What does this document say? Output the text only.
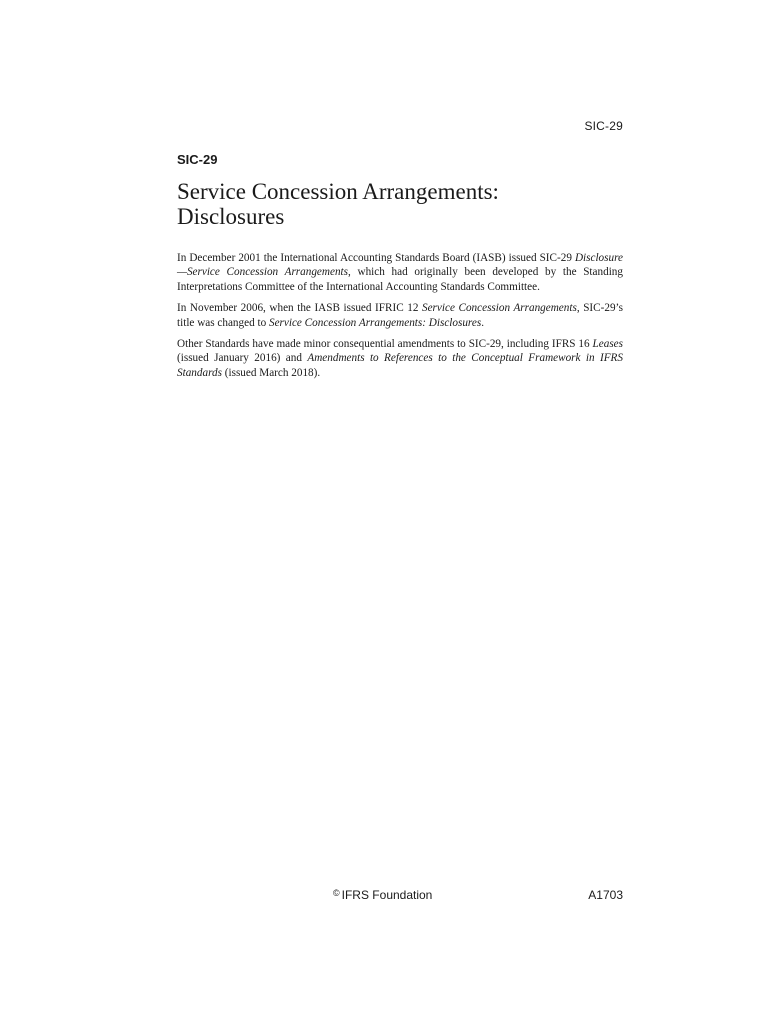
SIC-29
SIC-29
Service Concession Arrangements:
Disclosures

In December 2001 the International Accounting Standards Board (IASB) issued SIC-29 Disclosure—Service Concession Arrangements, which had originally been developed by the Standing Interpretations Committee of the International Accounting Standards Committee.

In November 2006, when the IASB issued IFRIC 12 Service Concession Arrangements, SIC-29’s title was changed to Service Concession Arrangements: Disclosures.

Other Standards have made minor consequential amendments to SIC-29, including IFRS 16 Leases (issued January 2016) and Amendments to References to the Conceptual Framework in IFRS Standards (issued March 2018).

© IFRS Foundation	A1703
